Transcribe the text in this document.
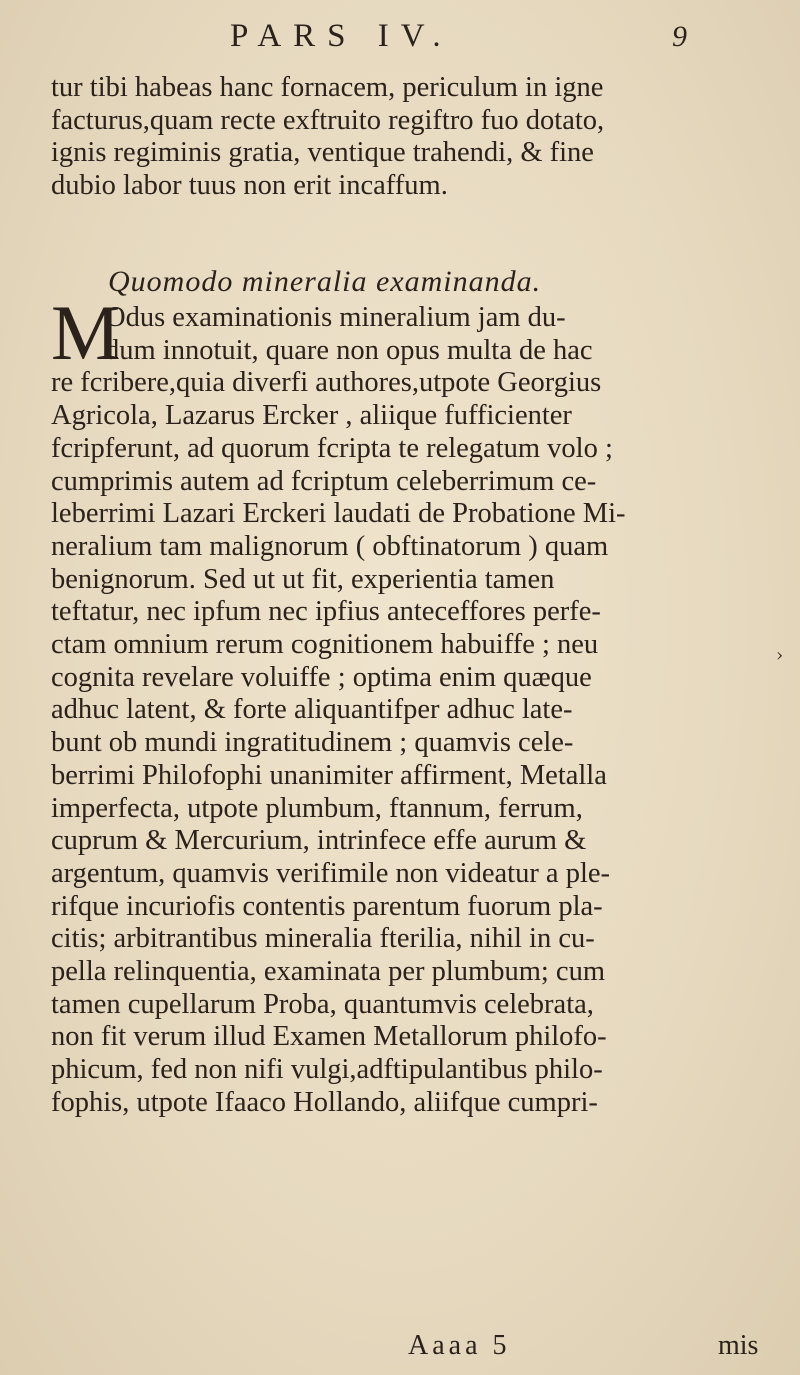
PARS IV.	9
tur tibi habeas hanc fornacem, periculum in igne
facturus,quam recte exftruito regiftro fuo dotato,
ignis regiminis gratia, ventique trahendi, & fine
dubio labor tuus non erit incaffum.
Quomodo mineralia examinanda.
M
Odus examinationis mineralium jam du-
dum innotuit, quare non opus multa de hac
re fcribere,quia diverfi authores,utpote Georgius
Agricola, Lazarus Ercker , aliique fufficienter
fcripferunt, ad quorum fcripta te relegatum volo ;
cumprimis autem ad fcriptum celeberrimum ce-
leberrimi Lazari Erckeri laudati de Probatione Mi-
neralium tam malignorum ( obftinatorum ) quam
benignorum. Sed ut ut fit, experientia tamen
teftatur, nec ipfum nec ipfius anteceffores perfe-
ctam omnium rerum cognitionem habuiffe ; neu
cognita revelare voluiffe ; optima enim quæque
adhuc latent, & forte aliquantifper adhuc late-
bunt ob mundi ingratitudinem ; quamvis cele-
berrimi Philofophi unanimiter affirment, Metalla
imperfecta, utpote plumbum, ftannum, ferrum,
cuprum & Mercurium, intrinfece effe aurum &
argentum, quamvis verifimile non videatur a ple-
rifque incuriofis contentis parentum fuorum pla-
citis; arbitrantibus mineralia fterilia, nihil in cu-
pella relinquentia, examinata per plumbum; cum
tamen cupellarum Proba, quantumvis celebrata,
non fit verum illud Examen Metallorum philofo-
phicum, fed non nifi vulgi,adftipulantibus philo-
fophis, utpote Ifaaco Hollando, aliifque cumpri-
›
Aaaa 5	mis
